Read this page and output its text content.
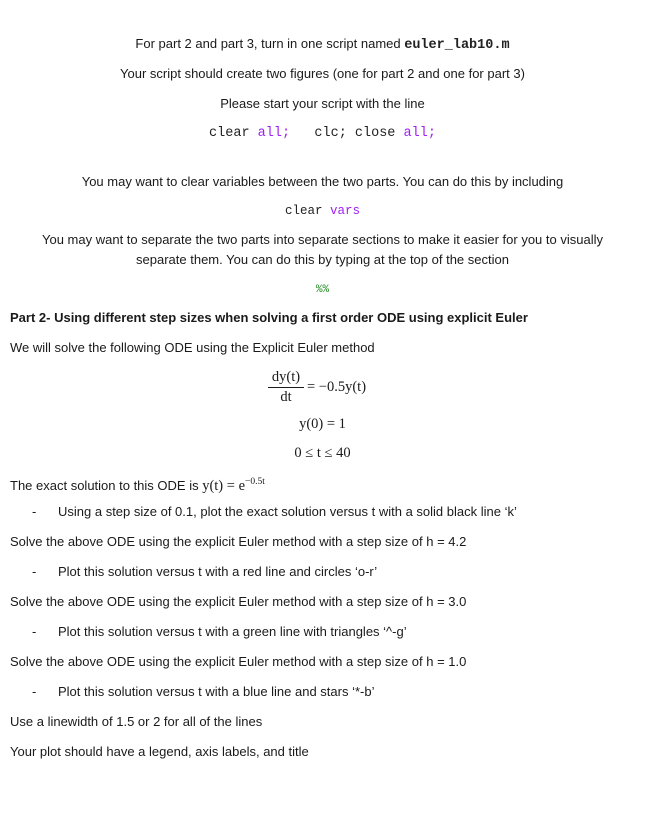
For part 2 and part 3, turn in one script named euler_lab10.m
Your script should create two figures (one for part 2 and one for part 3)
Please start your script with the line
clear all; clc; close all;
You may want to clear variables between the two parts. You can do this by including
clear vars
You may want to separate the two parts into separate sections to make it easier for you to visually
separate them. You can do this by typing at the top of the section
%%
Part 2- Using different step sizes when solving a first order ODE using explicit Euler
We will solve the following ODE using the Explicit Euler method
$\frac{dy(t)}{dt} = -0.5y(t)$
y(0) = 1
0 ≤ t ≤ 40
The exact solution to this ODE is $y(t) = e^{-0.5t}$
- Using a step size of 0.1, plot the exact solution versus t with a solid black line ‘k’
Solve the above ODE using the explicit Euler method with a step size of h = 4.2
- Plot this solution versus t with a red line and circles ‘o-r’
Solve the above ODE using the explicit Euler method with a step size of h = 3.0
- Plot this solution versus t with a green line with triangles ‘^-g’
Solve the above ODE using the explicit Euler method with a step size of h = 1.0
- Plot this solution versus t with a blue line and stars ‘*-b’
Use a linewidth of 1.5 or 2 for all of the lines
Your plot should have a legend, axis labels, and title
